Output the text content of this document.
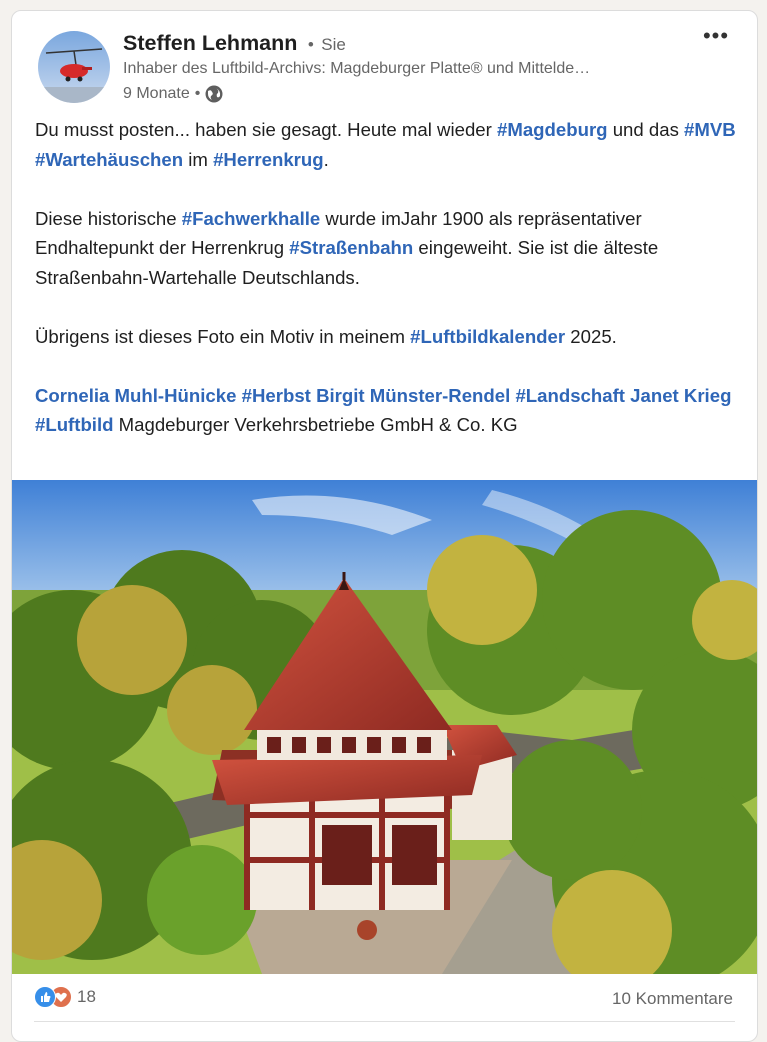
Steffen Lehmann • Sie
Inhaber des Luftbild-Archivs: Magdeburger Platte® und Mittelde…
9 Monate •
•••

Du musst posten... haben sie gesagt. Heute mal wieder #Magdeburg und das #MVB #Wartehäuschen im #Herrenkrug.

Diese historische #Fachwerkhalle wurde imJahr 1900 als repräsentativer Endhaltepunkt der Herrenkrug #Straßenbahn eingeweiht. Sie ist die älteste Straßenbahn-Wartehalle Deutschlands.

Übrigens ist dieses Foto ein Motiv in meinem #Luftbildkalender 2025.

Cornelia Muhl-Hünicke #Herbst Birgit Münster-Rendel #Landschaft Janet Krieg #Luftbild Magdeburger Verkehrsbetriebe GmbH & Co. KG

18	10 Kommentare
